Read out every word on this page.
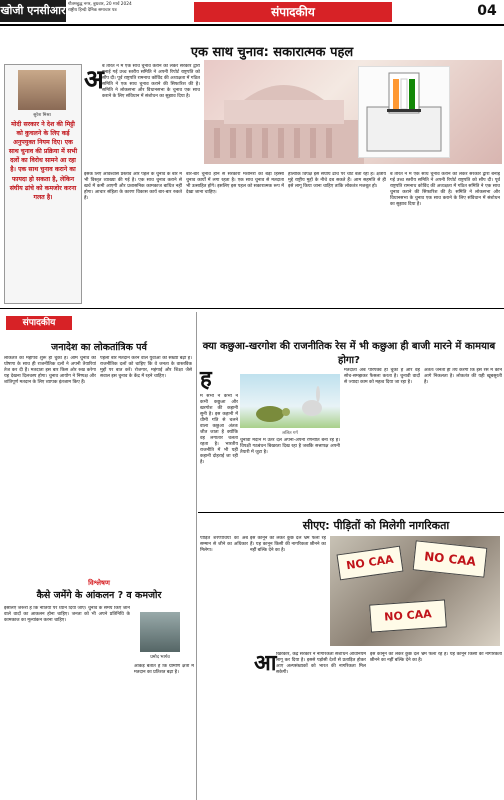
खोजी एनसीआर गौतमबुद्ध नगर, बुधवार, 20 मार्च 2024
राष्ट्रीय हिन्दी दैनिक समाचार पत्र	संपादकीय	04
सुरेश मिश्रा
मोदी सरकार ने देश की मिट्टी को कुचलने के लिए कई अनुपयुक्त नियम दिए। एक साथ चुनाव की प्रक्रिया में सभी दलों का विरोध सामने आ रहा है। एक साथ चुनाव कराने का फायदा हो सकता है, लेकिन संघीय ढांचे को कमजोर करना गलत है।
एक साथ चुनाव: सकारात्मक पहल
अ
ब तीरत ने में एक साथ चुनाव कराने को लेकर सरकार द्वारा बनाई गई उच्च स्तरीय समिति ने अपनी रिपोर्ट राष्ट्रपति को सौंप दी। पूर्व राष्ट्रपति रामनाथ कोविंद की अध्यक्षता में गठित समिति ने एक साथ चुनाव कराने की सिफारिश की है। समिति ने लोकसभा और विधानसभा के चुनाव एक साथ कराने के लिए संविधान में संशोधन का सुझाव दिया है।
इसके लिए अविश्वास प्रस्ताव और पहले के चुनाव के बारे में भी विस्तृत व्याख्या की गई है। एक साथ चुनाव कराने से खर्च में कमी आएगी और प्रशासनिक कामकाज बाधित नहीं होगा। आचार संहिता के कारण विकास कार्य बार-बार रुकते हैं।
बार-बार चुनाव होने से सरकारी मशीनरी का बड़ा हिस्सा चुनाव कार्यों में लगा रहता है। एक साथ चुनाव से मतदाता भी उत्साहित होंगे। इसलिए इस पहल को सकारात्मक रूप में देखा जाना चाहिए।
हालांकि विपक्ष इसे संघीय ढांचे पर चोट बता रहा है। क्षेत्रीय मुद्दे राष्ट्रीय मुद्दों के नीचे दब सकते हैं। आम सहमति से ही इसे लागू किया जाना चाहिए ताकि लोकतंत्र मजबूत हो।
ब तीरत ने में एक साथ चुनाव कराने को लेकर सरकार द्वारा बनाई गई उच्च स्तरीय समिति ने अपनी रिपोर्ट राष्ट्रपति को सौंप दी। पूर्व राष्ट्रपति रामनाथ कोविंद की अध्यक्षता में गठित समिति ने एक साथ चुनाव कराने की सिफारिश की है। समिति ने लोकसभा और विधानसभा के चुनाव एक साथ कराने के लिए संविधान में संशोधन का सुझाव दिया है।
संपादकीय
जनादेश का लोकतांत्रिक पर्व
लोकतंत्र का महापर्व शुरू हो चुका है। आम चुनाव की घोषणा के साथ ही राजनीतिक दलों ने अपनी तैयारियां तेज कर दी हैं। मतदाता इस बार किस ओर रुख करेगा यह देखना दिलचस्प होगा। चुनाव आयोग ने निष्पक्ष और शांतिपूर्ण मतदान के लिए व्यापक इंतजाम किए हैं।
पहली बार मतदान करने वाले युवाओं की संख्या बढ़ी है। राजनीतिक दलों को चाहिए कि वे जनता के वास्तविक मुद्दों पर बात करें। रोजगार, महंगाई और शिक्षा जैसे सवाल इस चुनाव के केंद्र में रहने चाहिए।
विश्लेषण
कैसे जमेंगे के आंकलन ? व कमजोर
इसलिए जरूरी है कि नीतियों पर ध्यान दिया जाए। चुनाव के समय किए जाने वाले वादों का आकलन होना चाहिए। जनता को भी अपने प्रतिनिधि के कामकाज का मूल्यांकन करना चाहिए।
प्रमोद भार्गव
आंकड़े बताते हैं कि ग्रामीण क्षेत्रों में मतदान का प्रतिशत बढ़ा है।
क्या कछुआ-खरगोश की राजनीतिक रेस में भी कछुआ ही बाजी मारने में कामयाब होगा?
ह
म सभी ने कभी न कभी कछुआ और खरगोश की कहानी सुनी है। इस कहानी में धीमी गति से चलने वाला कछुआ अंततः जीत जाता है क्योंकि वह लगातार चलता रहता है। भारतीय राजनीति में भी यही कहानी दोहराई जा रही है।
ललित गर्ग
चुनावी मैदान में उतरे दल अपनी-अपनी रणनीति बना रहे हैं। विपक्षी गठबंधन बिखरता दिख रहा है जबकि सत्तापक्ष अपनी तैयारी में जुटा है।
मतदाता अब परिपक्व हो चुका है और वह सोच-समझकर फैसला करता है। चुनावी वादों से ज्यादा काम को महत्व दिया जा रहा है।
अंततः जनता ही तय करेगी कि इस रेस में कौन आगे निकलता है। लोकतंत्र की यही खूबसूरती है।
सीएए: पीड़ितों को मिलेगी नागरिकता
पीड़ित शरणार्थियों को अब सम्मान से जीने का अधिकार मिलेगा।
इस कानून को लेकर कुछ दल भ्रम फैला रहे हैं। यह कानून किसी की नागरिकता छीनने का नहीं बल्कि देने का है।
NO CAA	NO CAA
NO CAA
आ खिरकार, केंद्र सरकार ने नागरिकता संशोधन अधिनियम लागू कर दिया है। इससे पड़ोसी देशों से प्रताड़ित होकर आए अल्पसंख्यकों को भारत की नागरिकता मिल सकेगी।
इस कानून को लेकर कुछ दल भ्रम फैला रहे हैं। यह कानून किसी की नागरिकता छीनने का नहीं बल्कि देने का है।
